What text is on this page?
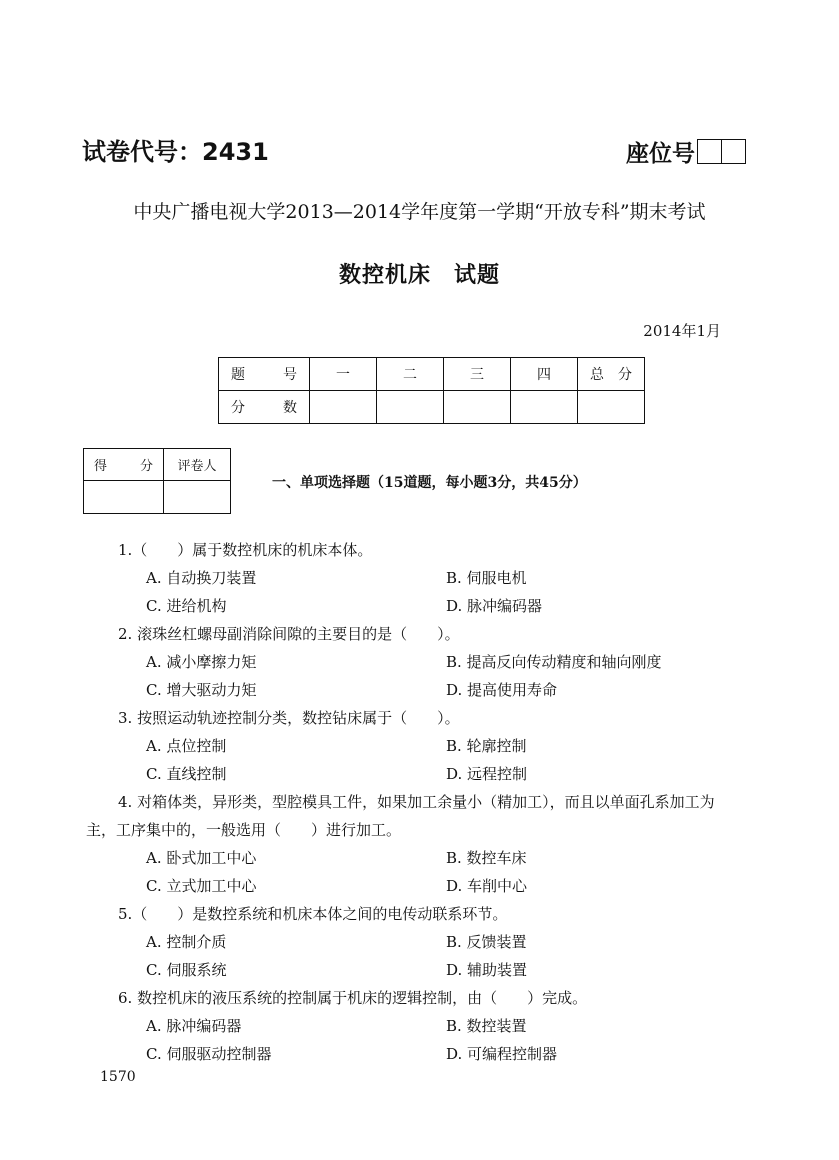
试卷代号：2431	座位号
中央广播电视大学2013—2014学年度第一学期“开放专科”期末考试
数控机床　试题
2014年1月
题　号	一	二	三	四	总　分
分　数					
得　分	评卷人

一、单项选择题（15道题，每小题3分，共45分）
1.（　　）属于数控机床的机床本体。
A. 自动换刀装置	B. 伺服电机
C. 进给机构	D. 脉冲编码器
2. 滚珠丝杠螺母副消除间隙的主要目的是（　　）。
A. 减小摩擦力矩	B. 提高反向传动精度和轴向刚度
C. 增大驱动力矩	D. 提高使用寿命
3. 按照运动轨迹控制分类，数控钻床属于（　　）。
A. 点位控制	B. 轮廓控制
C. 直线控制	D. 远程控制
4. 对箱体类，异形类，型腔模具工件，如果加工余量小（精加工），而且以单面孔系加工为
主，工序集中的，一般选用（　　）进行加工。
A. 卧式加工中心	B. 数控车床
C. 立式加工中心	D. 车削中心
5.（　　）是数控系统和机床本体之间的电传动联系环节。
A. 控制介质	B. 反馈装置
C. 伺服系统	D. 辅助装置
6. 数控机床的液压系统的控制属于机床的逻辑控制，由（　　）完成。
A. 脉冲编码器	B. 数控装置
C. 伺服驱动控制器	D. 可编程控制器
1570
